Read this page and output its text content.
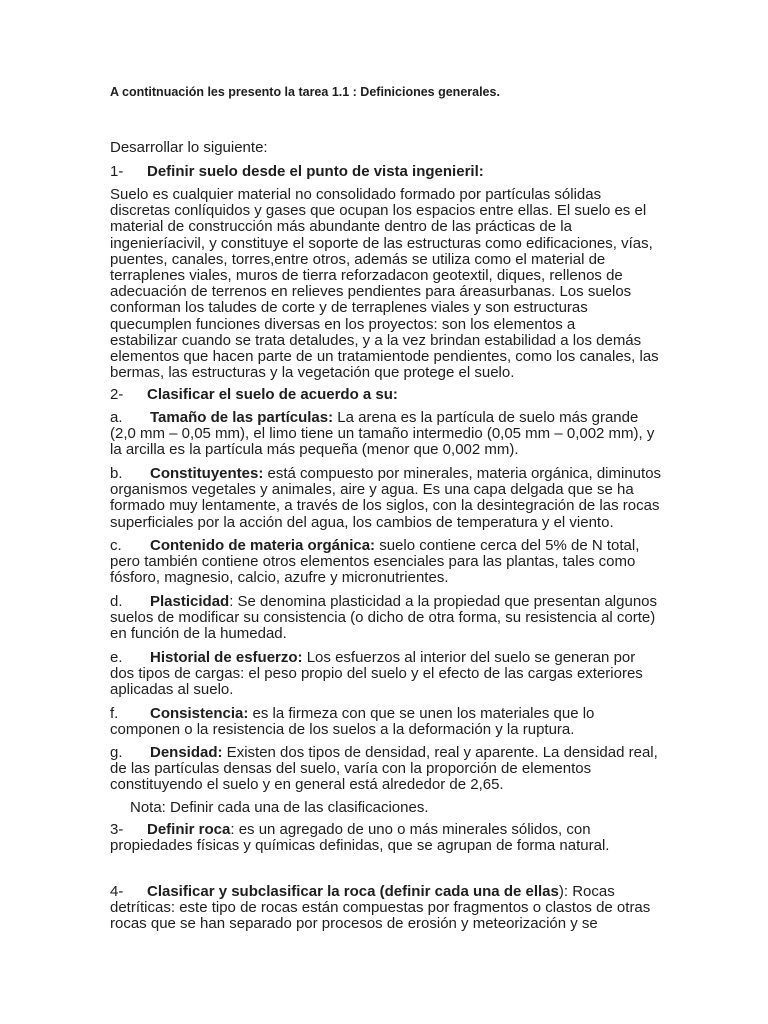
A contitnuación les presento la tarea 1.1 : Definiciones generales.
Desarrollar lo siguiente:
1- Definir suelo desde el punto de vista ingenieril:
Suelo es cualquier material no consolidado formado por partículas sólidas
discretas conlíquidos y gases que ocupan los espacios entre ellas. El suelo es el
material de construcción más abundante dentro de las prácticas de la
ingenieríacivil, y constituye el soporte de las estructuras como edificaciones, vías,
puentes, canales, torres,entre otros, además se utiliza como el material de
terraplenes viales, muros de tierra reforzadacon geotextil, diques, rellenos de
adecuación de terrenos en relieves pendientes para áreasurbanas. Los suelos
conforman los taludes de corte y de terraplenes viales y son estructuras
quecumplen funciones diversas en los proyectos: son los elementos a
estabilizar cuando se trata detaludes, y a la vez brindan estabilidad a los demás
elementos que hacen parte de un tratamientode pendientes, como los canales, las
bermas, las estructuras y la vegetación que protege el suelo.
2- Clasificar el suelo de acuerdo a su:
a. Tamaño de las partículas: La arena es la partícula de suelo más grande
(2,0 mm – 0,05 mm), el limo tiene un tamaño intermedio (0,05 mm – 0,002 mm), y
la arcilla es la partícula más pequeña (menor que 0,002 mm).
b. Constituyentes: está compuesto por minerales, materia orgánica, diminutos
organismos vegetales y animales, aire y agua. Es una capa delgada que se ha
formado muy lentamente, a través de los siglos, con la desintegración de las rocas
superficiales por la acción del agua, los cambios de temperatura y el viento.
c. Contenido de materia orgánica: suelo contiene cerca del 5% de N total,
pero también contiene otros elementos esenciales para las plantas, tales como
fósforo, magnesio, calcio, azufre y micronutrientes.
d. Plasticidad: Se denomina plasticidad a la propiedad que presentan algunos
suelos de modificar su consistencia (o dicho de otra forma, su resistencia al corte)
en función de la humedad.
e. Historial de esfuerzo: Los esfuerzos al interior del suelo se generan por
dos tipos de cargas: el peso propio del suelo y el efecto de las cargas exteriores
aplicadas al suelo.
f. Consistencia: es la firmeza con que se unen los materiales que lo
componen o la resistencia de los suelos a la deformación y la ruptura.
g. Densidad: Existen dos tipos de densidad, real y aparente. La densidad real,
de las partículas densas del suelo, varía con la proporción de elementos
constituyendo el suelo y en general está alrededor de 2,65.
Nota: Definir cada una de las clasificaciones.
3- Definir roca: es un agregado de uno o más minerales sólidos, con
propiedades físicas y químicas definidas, que se agrupan de forma natural.
4- Clasificar y subclasificar la roca (definir cada una de ellas): Rocas
detríticas: este tipo de rocas están compuestas por fragmentos o clastos de otras
rocas que se han separado por procesos de erosión y meteorización y se
